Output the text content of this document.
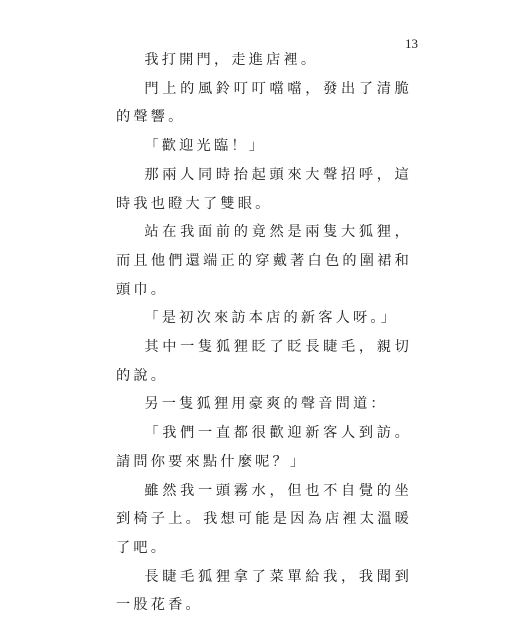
13

我打開門，走進店裡。

門上的風鈴叮叮噹噹，發出了清脆的聲響。

「歡迎光臨！」

那兩人同時抬起頭來大聲招呼，這時我也瞪大了雙眼。

站在我面前的竟然是兩隻大狐狸，而且他們還端正的穿戴著白色的圍裙和頭巾。

「是初次來訪本店的新客人呀。」

其中一隻狐狸眨了眨長睫毛，親切的說。

另一隻狐狸用豪爽的聲音問道：

「我們一直都很歡迎新客人到訪。請問你要來點什麼呢？」

雖然我一頭霧水，但也不自覺的坐到椅子上。我想可能是因為店裡太溫暖了吧。

長睫毛狐狸拿了菜單給我，我聞到一股花香。
